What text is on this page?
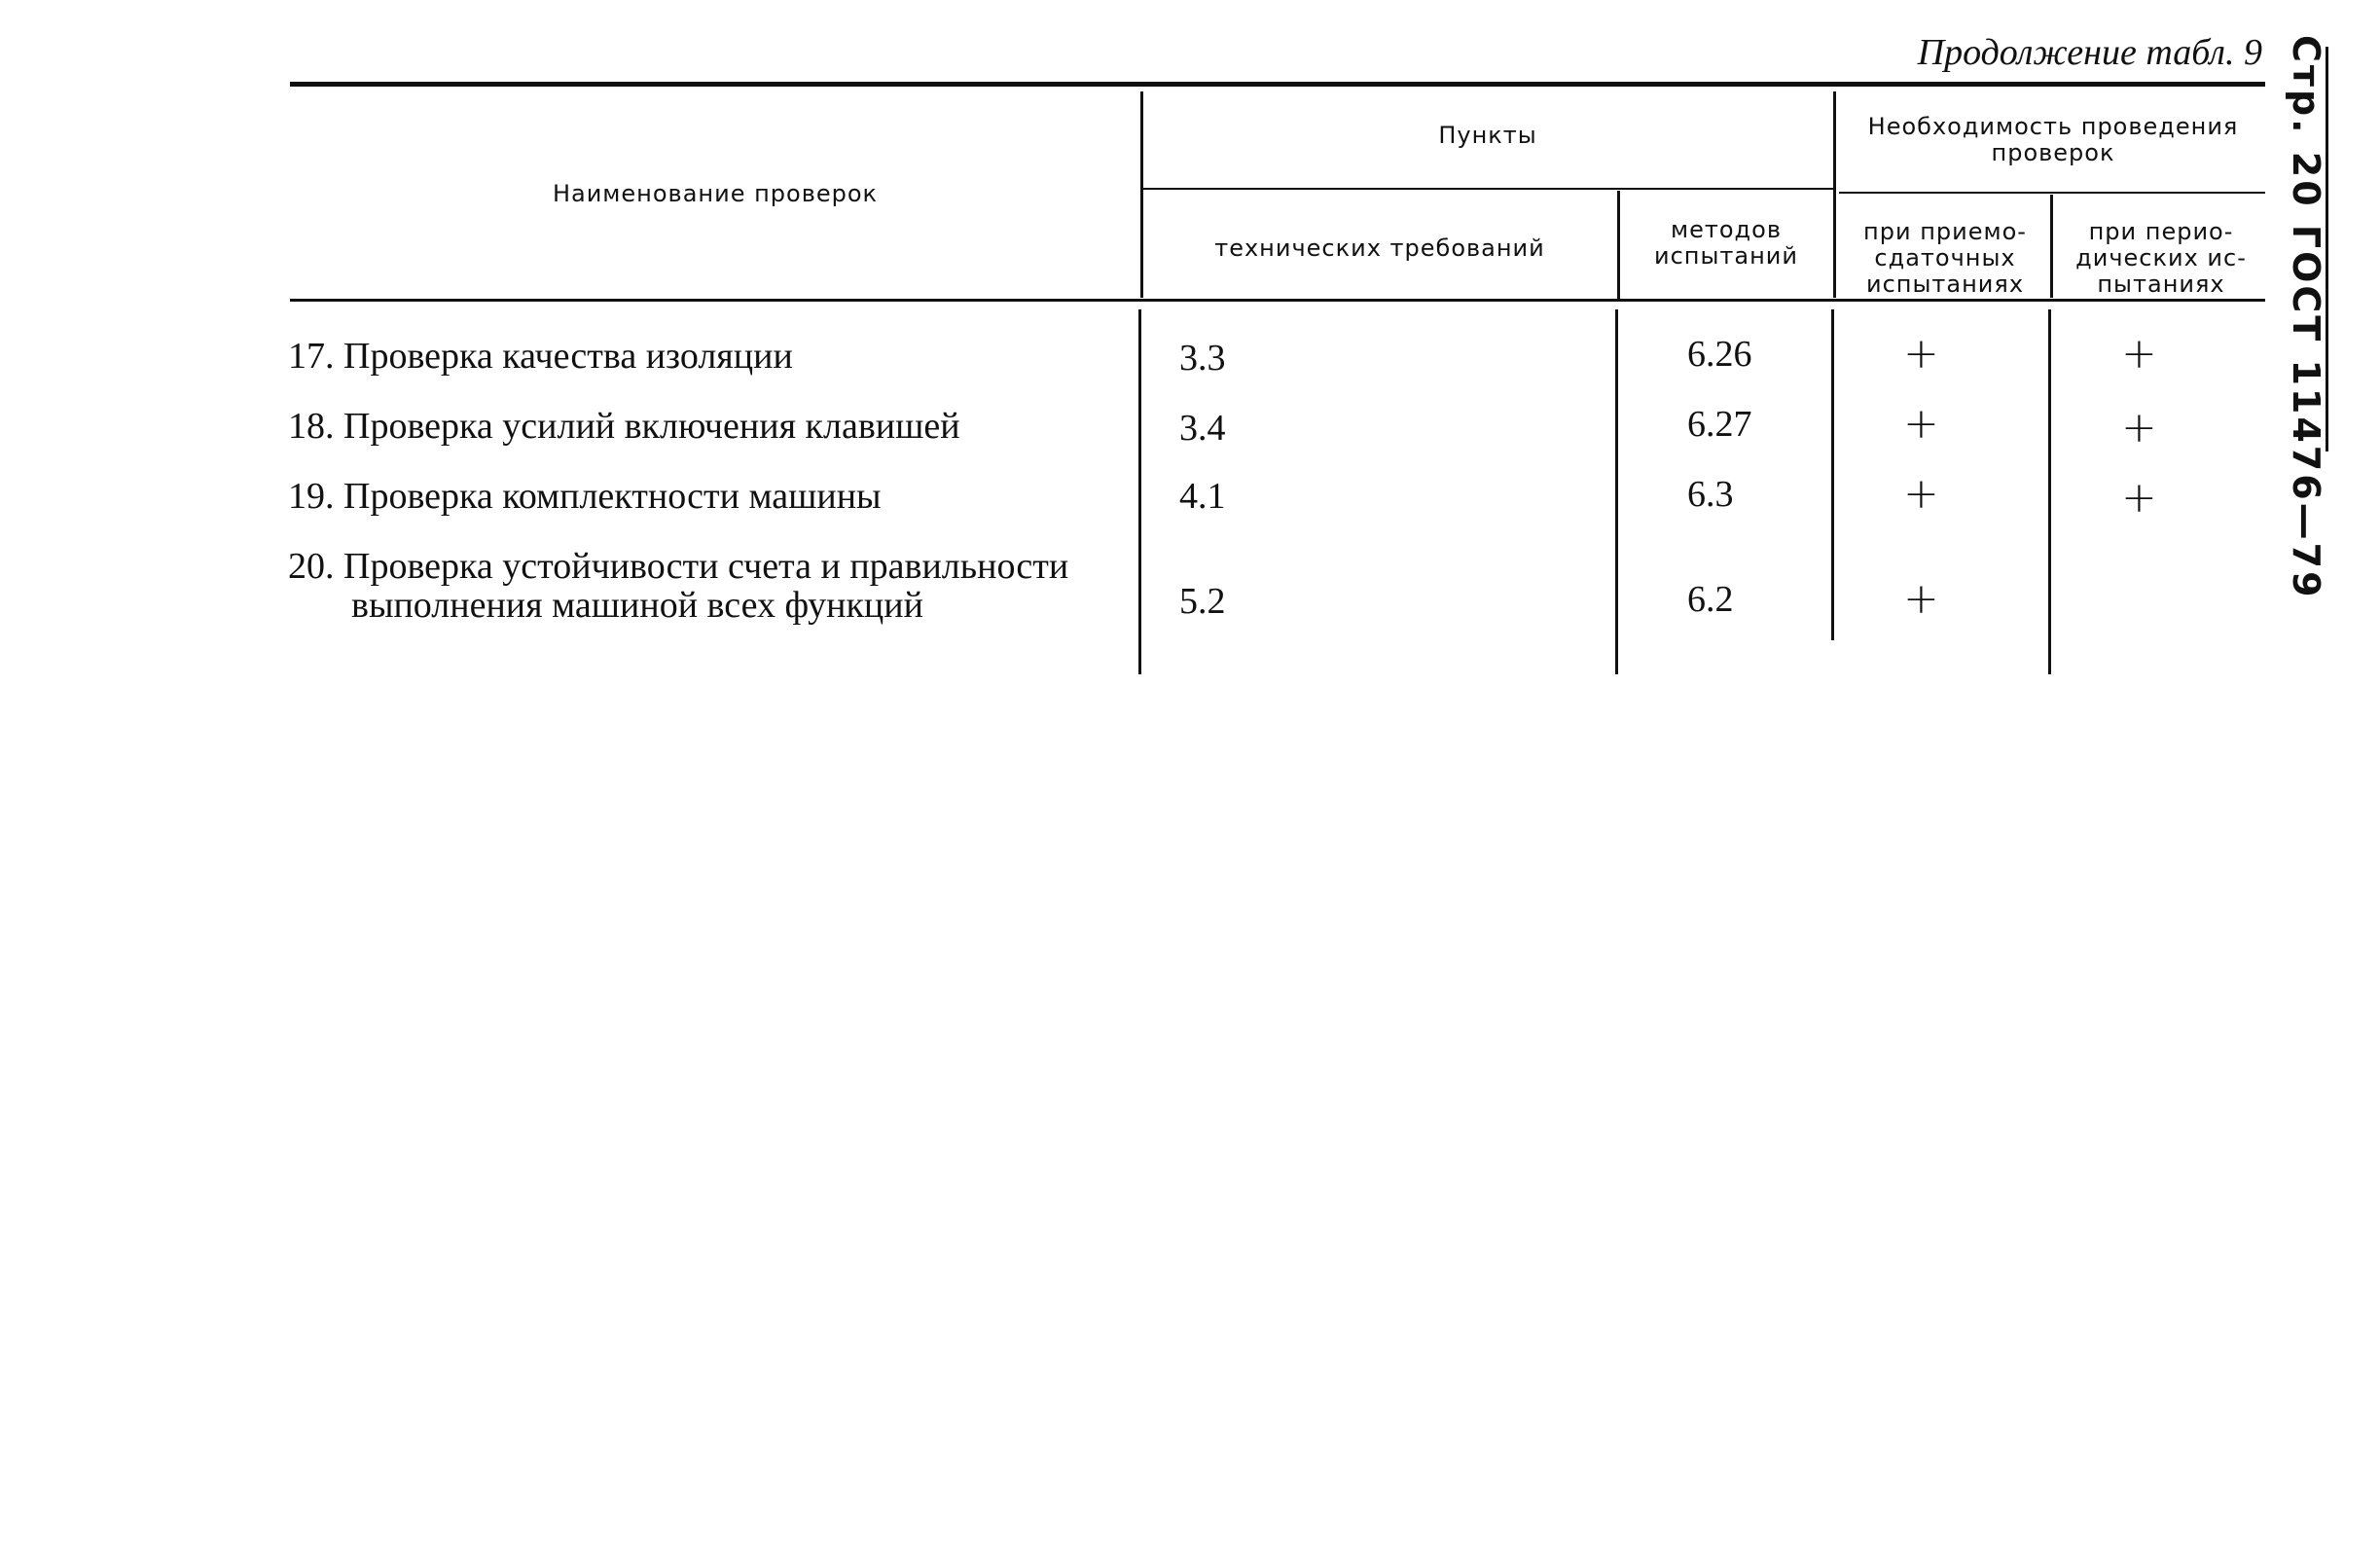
Продолжение табл. 9 Стр. 20 ГОСТ 11476—79
Наименование проверок
Пункты
технических требований
методов испытаний
Необходимость проведения проверок
при приемо-сдаточных испытаниях
при перио-дических ис-пытаниях
17. Проверка качества изоляции	3.3	6.26	+	+
18. Проверка усилий включения клавишей	3.4	6.27	+	+
19. Проверка комплектности машины	4.1	6.3	+	+
20. Проверка устойчивости счета и правильности
выполнения машиной всех функций	5.2	6.2	+
